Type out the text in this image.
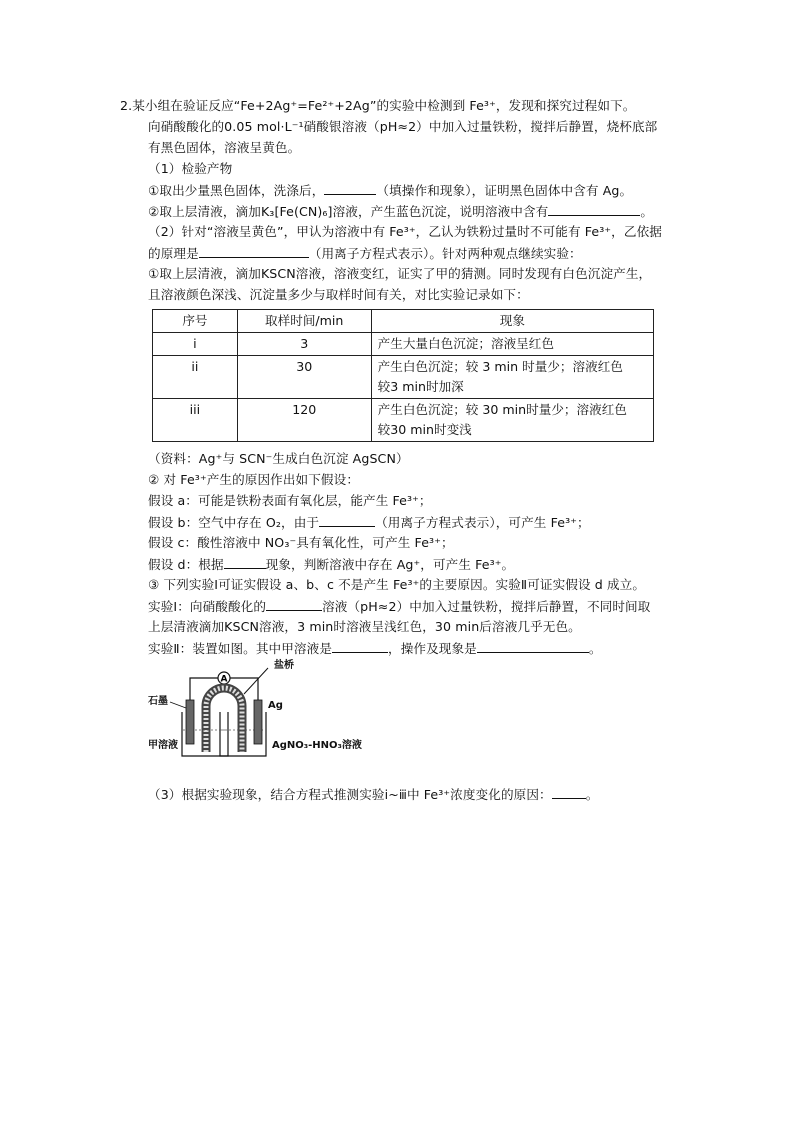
2.某小组在验证反应“Fe+2Ag⁺=Fe²⁺+2Ag”的实验中检测到 Fe³⁺，发现和探究过程如下。
向硝酸酸化的0.05 mol·L⁻¹硝酸银溶液（pH≈2）中加入过量铁粉，搅拌后静置，烧杯底部
有黑色固体，溶液呈黄色。
（1）检验产物
①取出少量黑色固体，洗涤后，	（填操作和现象），证明黑色固体中含有 Ag。
②取上层清液，滴加K₃[Fe(CN)₆]溶液，产生蓝色沉淀，说明溶液中含有	。
（2）针对“溶液呈黄色”，甲认为溶液中有 Fe³⁺，乙认为铁粉过量时不可能有 Fe³⁺，乙依据
的原理是	（用离子方程式表示）。针对两种观点继续实验：
①取上层清液，滴加KSCN溶液，溶液变红，证实了甲的猜测。同时发现有白色沉淀产生，
且溶液颜色深浅、沉淀量多少与取样时间有关，对比实验记录如下：
序号	取样时间/min	现象
i	3	产生大量白色沉淀；溶液呈红色

ii	30	产生白色沉淀；较 3 min 时量少；溶液红色
较3 min时加深

iii	120	产生白色沉淀；较 30 min时量少；溶液红色
较30 min时变浅
（资料：Ag⁺与 SCN⁻生成白色沉淀 AgSCN）
② 对 Fe³⁺产生的原因作出如下假设：
假设 a：可能是铁粉表面有氧化层，能产生 Fe³⁺；
假设 b：空气中存在 O₂，由于	（用离子方程式表示），可产生 Fe³⁺；
假设 c：酸性溶液中 NO₃⁻具有氧化性，可产生 Fe³⁺；
假设 d：根据	现象，判断溶液中存在 Ag⁺，可产生 Fe³⁺。
③ 下列实验Ⅰ可证实假设 a、b、c 不是产生 Fe³⁺的主要原因。实验Ⅱ可证实假设 d 成立。
实验Ⅰ：向硝酸酸化的	溶液（pH≈2）中加入过量铁粉，搅拌后静置，不同时间取
上层清液滴加KSCN溶液，3 min时溶液呈浅红色，30 min后溶液几乎无色。
实验Ⅱ：装置如图。其中甲溶液是	，操作及现象是	。
盐桥
A
石墨	Ag
甲溶液	AgNO₃-HNO₃溶液
（3）根据实验现象，结合方程式推测实验ⅰ~ⅲ中 Fe³⁺浓度变化的原因：	。
